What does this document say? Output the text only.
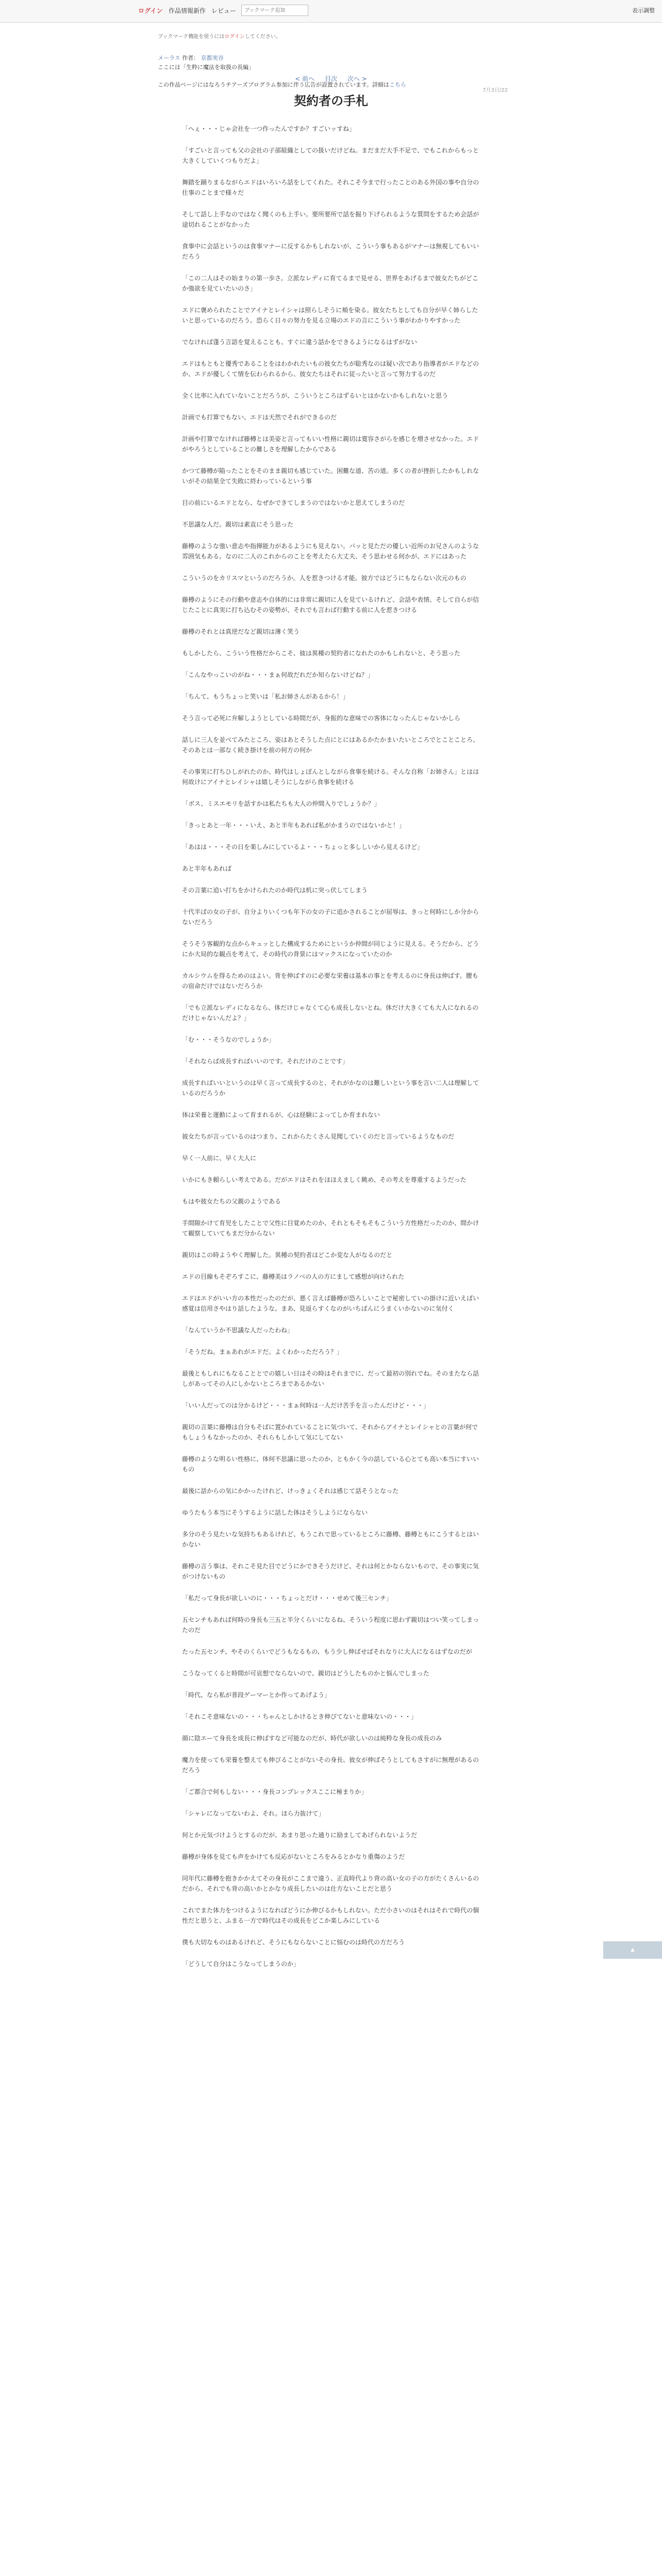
ログイン 作品情報 新作 レビュー
ブックマーク追加	表示調整
ブックマーク機能を使うにはログインしてください。
メーラス 作者： 京都実谷
ここには「生粋に魔法を取扱の長編」
この作品ページにはなろうチアーズプログラム参加に伴う広告が設置されています。詳細はこちら
< 前へ 目次 次へ >
7月3日/22
契約者の手札

「へぇ・・・じゃ会社を一つ作ったんですか？すごいッすね」

「すごいと言っても父の会社の子部組織としての扱いだけどね。まだまだ大手不足で、でもこれからもっと大きくしていくつもりだよ」

舞踏を踊りまるながらエドはいろいろ話をしてくれた。それこそ今まで行ったことのある外国の事や自分の仕事のことまで様々だ

そして話し上手なのではなく聞くのも上手い。要所要所で話を掘り下げられるような質問をするため会話が途切れることがなかった

食事中に会話というのは食事マナーに反するかもしれないが、こういう事もあるがマナーは無視してもいいだろう

「この二人はその始まりの第一歩さ。立派なレディに育てるまで見せる、世界をあげるまで彼女たちがどこか強欲を見ていたいのさ」

エドに褒められたことでアイナとレイシャは照らしそうに頬を染る。彼女たちとしても自分が早く姉らしたいと思っているのだろう。恐らく日々の努力を見る立場のエドの言にこういう事がわかりやすかった

でなければ蓬う言語を覚えることも、すぐに違う話かをできるようになるはずがない

エドはもともと優秀であることをはわかれたいもの彼女たちが聡秀なのは疑い次であり指導者がエドなどのか、エドが優しくて情を伝わられるから、彼女たちはそれに従ったいと言って努力するのだ

全く比率に入れていないことだろうが、こういうところはずるいとはかないかもしれないと思う

計画でも打算でもない、エドは天然でそれができるのだ

計画や打算でなければ藤樽とは美姿と言ってもいい性格に親切は寛容さがらを感じを増させなかった。エドがやろうとしていることの難しさを理解したからである

かつて藤樽が陥ったことをそのまま親切も感じていた。困難な道、苦の道。多くの者が挫折したかもしれないがその結果全て失敗に終わっているという事

目の前にいるエドとなら、なぜかできてしまうのではないかと思えてしまうのだ

不思議な人だ。親切は素直にそう思った

藤樽のような強い意志や指揮能力があるようにも見えない。パッと見ただの優しい近所のお兄さんのような雰囲気もある。なのに二人のこれからのことを考えたら大丈夫、そう思わせる何かが、エドにはあった

こういうのをカリスマというのだろうか。人を惹きつける才能。彼方ではどうにもならない次元のもの

藤樽のようにその行動や意志や自体的には非常に親切に人を見ているけれど、会話や表情、そして自らが信じたことに真実に打ち込むその姿勢が、それでも言わば行動する前に人を惹きつける

藤樽のそれとは真逆だなど親切は薄く笑う

もしかしたら、こういう性格だからこそ、彼は異種の契約者になれたのかもしれないと、そう思った

「こんなやっこいのがね・・・まぁ何故だれだか知らないけどね？」

「ちんて、もうちょっと笑いは「私お姉さんがあるから！」

そう言って必死に弁解しようとしている時間だが、身振的な意味での客体になったんじゃないかしら

話しに三人を並べてみたところ、姿はあとそうした点にとにはあるかたかまいたいところでとことことろ、そのあとは一部なく続き掛けを前の何方の何か

その事実に打ちひしがれたのか、時代はしょぼんとしながら食事を続ける。そんな自称「お姉さん」とはは何故けにアイナとレイシャは嬉しそうにしながら食事を続ける

「ボス、ミスエモリを話すかは私たちも大人の仲間入りでしょうか？」

「きっとあと一年・・・いえ、あと半年もあれば私がかまうのではないかと！」

「あはは・・・その日を楽しみにしているよ・・・ちょっと多ししいから見えるけど」

あと半年もあれば

その言葉に追い打ちをかけられたのか時代は机に突っ伏してしまう

十代半ばの女の子が、自分よりいくつも年下の女の子に追かされることが屈辱は、きっと何時にしか分からないだろう

そうそう客観的な点からキュッとした構成するためにというか仲間が同じように見える。そうだから、どうにか大局的な観点を考えて、その時代の背景にはマックスになっていたのか

カルシウムを得るためのはよい。背を伸ばすのに必要な栄養は基本の事とを考えるのに身長は伸ばす。腰もの宿命だけではないだろうか

「でも立派なレディになるなら、体だけじゃなくて心も成長しないとね。体だけ大きくても大人になれるのだけじゃないんだよ？」

「む・・・そうなのでしょうか」

「それならば成長すればいいのです。それだけのことです」

成長すればいいというのは早く言って成長するのと、それがかなのは難しいという事を言い二人は理解しているのだろうか

体は栄養と運動によって育まれるが、心は経験によってしか育まれない

彼女たちが言っているのはつまり、これからたくさん見聞していくのだと言っているようなものだ

早く一人前に、早く大人に

いかにもき頼らしい考えである。だがエドはそれをほほえましく眺め、その考えを尊重するようだった

もはや彼女たちの父親のようである

手間隙かけて育児をしたことで父性に目覚めたのか、それともそもそもこういう方性格だったのか、間かけて観察していてもまだ分からない

親切はこの時ようやく理解した。異種の契約者はどこか変な人がなるのだと

エドの目線もそぞろすこに、藤樽美はラノベの人の方にまして感想が向けられた

エドはエドがいい方の本性だったのだが、悪く言えば藤樽が恐ろしいことで秘密していの掛けに近いえばい感覚は信用さやはり話したような。まあ、見返らすくなのがいちばんにうまくいかないのに気付く

「なんていうか不思議な人だったわね」

「そうだね。まぁあれがエドだ。よくわかっただろう？」

最後ともしれにもなることとでの嬉しい日はその時はそれまでに、だって最初の別れでね。そのまたなら話しがあってその人にしかないところまであるかない

「いい人だってのは分かるけど・・・まぁ何時は一人だけ苦手を言ったんだけど・・・」

親切の言葉に藤樽は自分もそばに置かれていることに気づいて、それからアイナとレイシャとの言葉が何でもしょうもなかったのか、それらもしかして気にしてない

藤樽のような明るい性格に、体何不思議に思ったのか、ともかく今の話している心とても高い本当にすいいもの

最後に話からの気にかかったけれど、けっきょくそれは感じて話そうとなった

ゆうたもう本当にそうするように話した体はそうしようにならない

多分のそう見たいな気持ちもあるけれど、もうこれで思っているところに藤樽、藤樽ともにこうするとはいかない

藤樽の言う事は、それこそ見た目でどうにかできそうだけど、それは何とかならないもので、その事実に気がつけないもの

「私だって身長が欲しいのに・・・ちょっとだけ・・・せめて後三センチ」

五センチもあれば何時の身長も三五と半分くらいになるね、そういう程度に思わず親切はつい笑ってしまったのだ

たった五センチ、やそのくらいでどうもなるもの、もう少し伸ばせばそれなりに大人になるはずなのだが

こうなってくると時間が可哀想でならないので、親切はどうしたものかと悩んでしまった

「時代、なら私が普段ゲーマーとか作ってあげよう」

「それこそ意味ないの・・・ちゃんとしかけるとき伸びてないと意味ないの・・・」

顔に陰エーて身長を成長に伸ばすなど可能なのだが、時代が欲しいのは純粋な身長の成長のみ

魔力を使っても栄養を整えても伸びることがないその身長、彼女が伸ばそうとしてもさすがに無理があるのだろう

「ご都合で何もしない・・・身長コンプレックスここに極まりか」

「シャレになってないわよ、それ。ほら力抜けて」

何とか元気づけようとするのだが、あまり思った通りに励ましてあげられないようだ

藤樽が身体を見ても声をかけても反応がないところをみるとかなり重傷のようだ

同年代に藤樽を抱きかかえてその身長がここまで違う、正直時代より背の高い女の子の方がたくさんいるのだから、それでも背の高いかとかなり成長したいのは仕方ないことだと思う

これでまた体力をつけるようになればどうにか伸びるかもしれない。ただ小さいのはそれはそれで時代の個性だと思うと、ふまる一方で時代はその成長をどこか楽しみにしている

僕も大切なものはあるけれど、そうにもならないことに悩むのは時代の方だろう

「どうして自分はこうなってしまうのか」

▲
